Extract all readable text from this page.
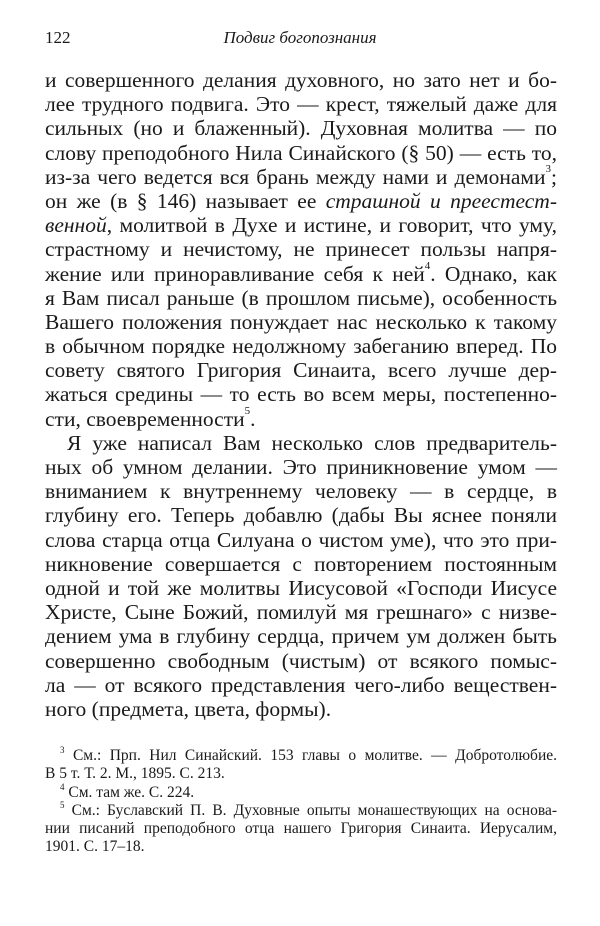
122	Подвиг богопознания
и совершенного делания духовного, но зато нет и бо-
лее трудного подвига. Это — крест, тяжелый даже для
сильных (но и блаженный). Духовная молитва — по
слову преподобного Нила Синайского (§ 50) — есть то,
из-за чего ведется вся брань между нами и демонами$^3$;
он же (в § 146) называет ее страшной и преестест-
венной, молитвой в Духе и истине, и говорит, что уму,
страстному и нечистому, не принесет пользы напря-
жение или приноравливание себя к ней$^4$. Однако, как
я Вам писал раньше (в прошлом письме), особенность
Вашего положения понуждает нас несколько к такому
в обычном порядке недолжному забеганию вперед. По
совету святого Григория Синаита, всего лучше дер-
жаться средины — то есть во всем меры, постепенно-
сти, своевременности$^5$.
Я уже написал Вам несколько слов предваритель-
ных об умном делании. Это приникновение умом —
вниманием к внутреннему человеку — в сердце, в
глубину его. Теперь добавлю (дабы Вы яснее поняли
слова старца отца Силуана о чистом уме), что это при-
никновение совершается с повторением постоянным
одной и той же молитвы Иисусовой «Господи Иисусе
Христе, Сыне Божий, помилуй мя грешнаго» с низве-
дением ума в глубину сердца, причем ум должен быть
совершенно свободным (чистым) от всякого помыс-
ла — от всякого представления чего-либо веществен-
ного (предмета, цвета, формы).
$^3$ См.: Прп. Нил Синайский. 153 главы о молитве. — Добротолюбие.
В 5 т. Т. 2. М., 1895. С. 213.
$^4$ См. там же. С. 224.
$^5$ См.: Буславский П. В. Духовные опыты монашествующих на основа-
нии писаний преподобного отца нашего Григория Синаита. Иерусалим,
1901. С. 17–18.
